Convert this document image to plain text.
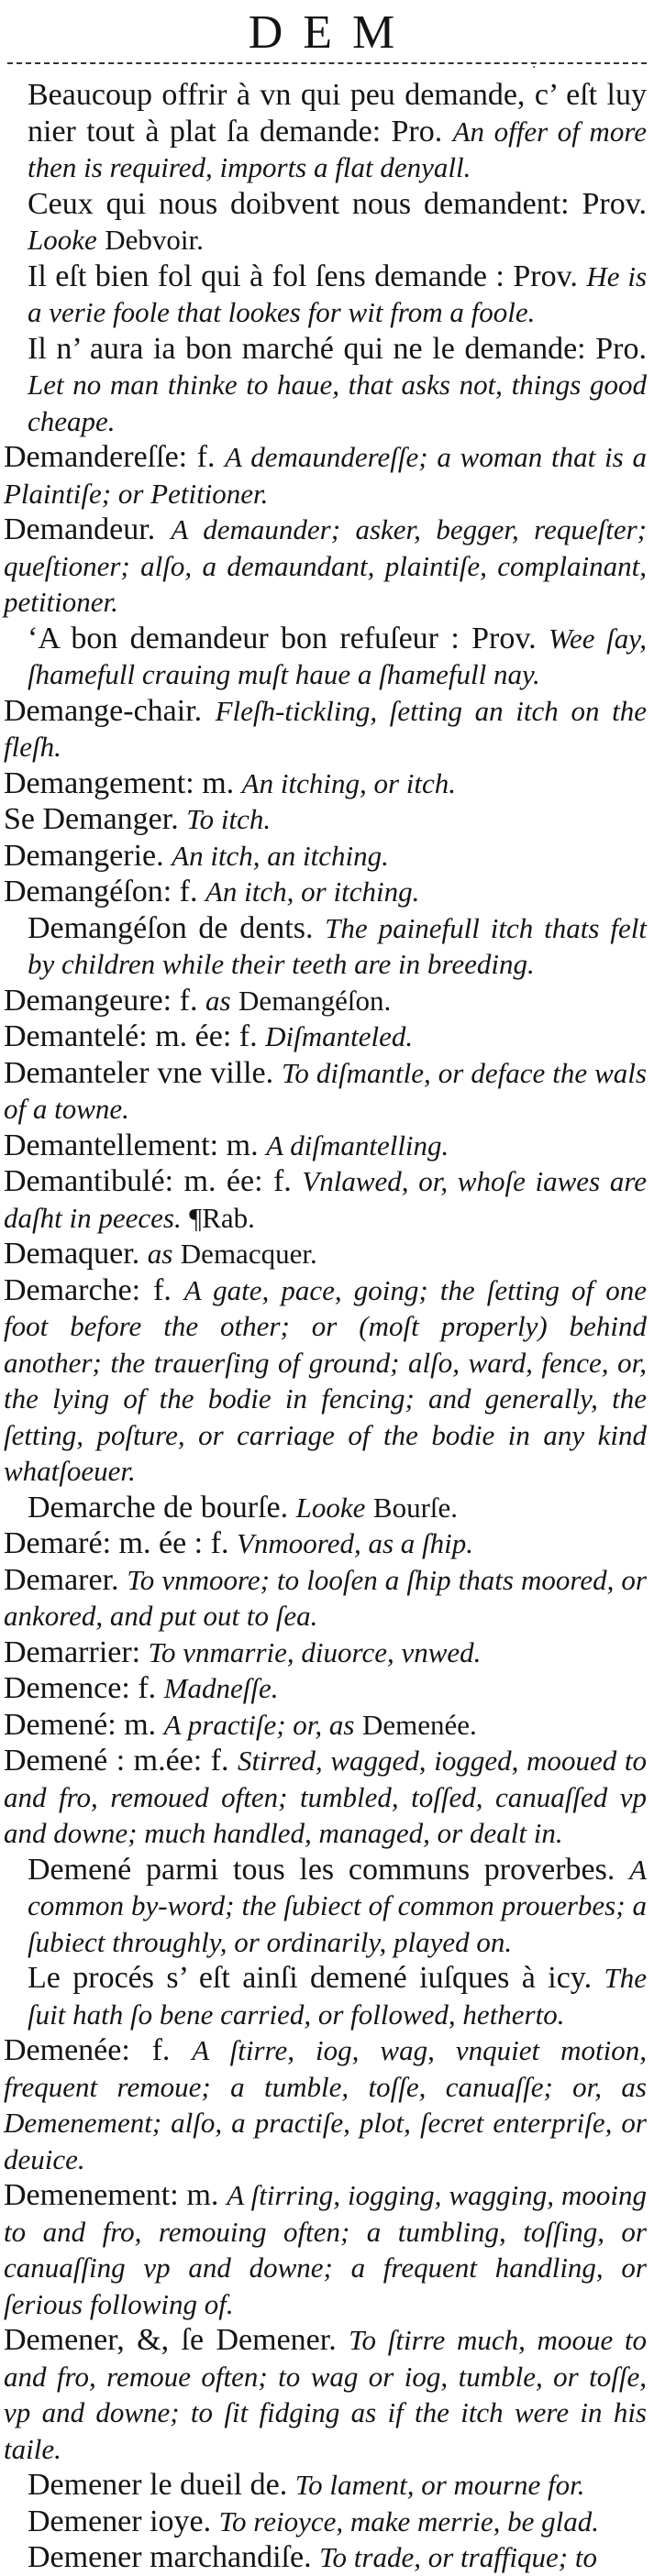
DEM
.

Beaucoup offrir à vn qui peu demande, c’ eſt luy nier tout à plat ſa demande: Pro. An offer of more then is required, imports a flat denyall.

Ceux qui nous doibvent nous demandent: Prov. Looke Debvoir.

Il eſt bien fol qui à fol ſens demande : Prov. He is a verie foole that lookes for wit from a foole.

Il n’ aura ia bon marché qui ne le demande: Pro. Let no man thinke to haue, that asks not, things good cheape.

Demandereſſe: f. A demaundereſſe; a woman that is a Plaintiſe; or Petitioner.

Demandeur. A demaunder; asker, begger, requeſter; queſtioner; alſo, a demaundant, plaintiſe, complainant, petitioner.

‘A bon demandeur bon refuſeur : Prov. Wee ſay, ſhamefull crauing muſt haue a ſhamefull nay.

Demange-chair. Fleſh-tickling, ſetting an itch on the fleſh.

Demangement: m. An itching, or itch.

Se Demanger. To itch.

Demangerie. An itch, an itching.

Demangéſon: f. An itch, or itching.

Demangéſon de dents. The painefull itch thats felt by children while their teeth are in breeding.

Demangeure: f. as Demangéſon.

Demantelé: m. ée: f. Diſmanteled.

Demanteler vne ville. To diſmantle, or deface the wals of a towne.

Demantellement: m. A diſmantelling.

Demantibulé: m. ée: f. Vnlawed, or, whoſe iawes are daſht in peeces. ¶Rab.

Demaquer. as Demacquer.

Demarche: f. A gate, pace, going; the ſetting of one foot before the other; or (moſt properly) behind another; the trauerſing of ground; alſo, ward, fence, or, the lying of the bodie in fencing; and generally, the ſetting, poſture, or carriage of the bodie in any kind whatſoeuer.

Demarche de bourſe. Looke Bourſe.

Demaré: m. ée : f. Vnmoored, as a ſhip.

Demarer. To vnmoore; to looſen a ſhip thats moored, or ankored, and put out to ſea.

Demarrier: To vnmarrie, diuorce, vnwed.

Demence: f. Madneſſe.

Demené: m. A practiſe; or, as Demenée.

Demené : m.ée: f. Stirred, wagged, iogged, mooued to and fro, remoued often; tumbled, toſſed, canuaſſed vp and downe; much handled, managed, or dealt in.

Demené parmi tous les communs proverbes. A common by-word; the ſubiect of common prouerbes; a ſubiect throughly, or ordinarily, played on.

Le procés s’ eſt ainſi demené iuſques à icy. The ſuit hath ſo bene carried, or followed, hetherto.

Demenée: f. A ſtirre, iog, wag, vnquiet motion, frequent remoue; a tumble, toſſe, canuaſſe; or, as Demenement; alſo, a practiſe, plot, ſecret enterpriſe, or deuice.

Demenement: m. A ſtirring, iogging, wagging, mooing to and fro, remouing often; a tumbling, toſſing, or canuaſſing vp and downe; a frequent handling, or ſerious following of.

Demener, &, ſe Demener. To ſtirre much, mooue to and fro, remoue often; to wag or iog, tumble, or toſſe, vp and downe; to ſit fidging as if the itch were in his taile.

Demener le dueil de. To lament, or mourne for.

Demener ioye. To reioyce, make merrie, be glad.

Demener marchandiſe. To trade, or traffique; to
